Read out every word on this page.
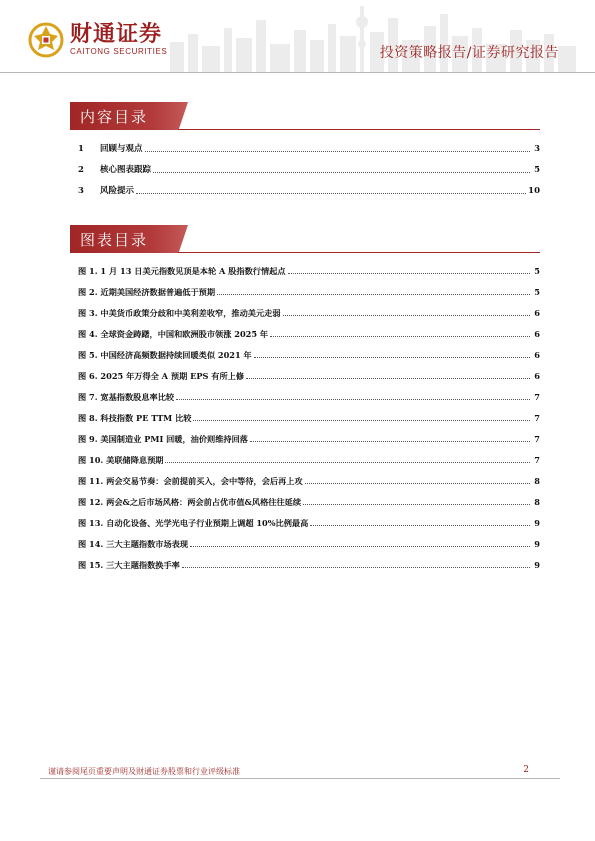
财通证券
CAITONG SECURITIES	投资策略报告/证券研究报告
内容目录
1	回顾与观点	3
2	核心图表跟踪	5
3	风险提示	10
图表目录
图 1. 1 月 13 日美元指数见顶是本轮 A 股指数行情起点	5
图 2. 近期美国经济数据普遍低于预期	5
图 3. 中美货币政策分歧和中美利差收窄，推动美元走弱	6
图 4. 全球资金踌躇，中国和欧洲股市领涨 2025 年	6
图 5. 中国经济高频数据持续回暖类似 2021 年	6
图 6. 2025 年万得全 A 预期 EPS 有所上修	6
图 7. 宽基指数股息率比较	7
图 8. 科技指数 PE TTM 比较	7
图 9. 美国制造业 PMI 回暖，油价则维持回落	7
图 10. 美联储降息预期	7
图 11. 两会交易节奏：会前提前买入，会中等待，会后再上攻	8
图 12. 两会&之后市场风格：两会前占优市值&风格往往延续	8
图 13. 自动化设备、光学光电子行业预期上调超 10%比例最高	9
图 14. 三大主题指数市场表现	9
图 15. 三大主题指数换手率	9
谨请参阅尾页重要声明及财通证券股票和行业评级标准	2
